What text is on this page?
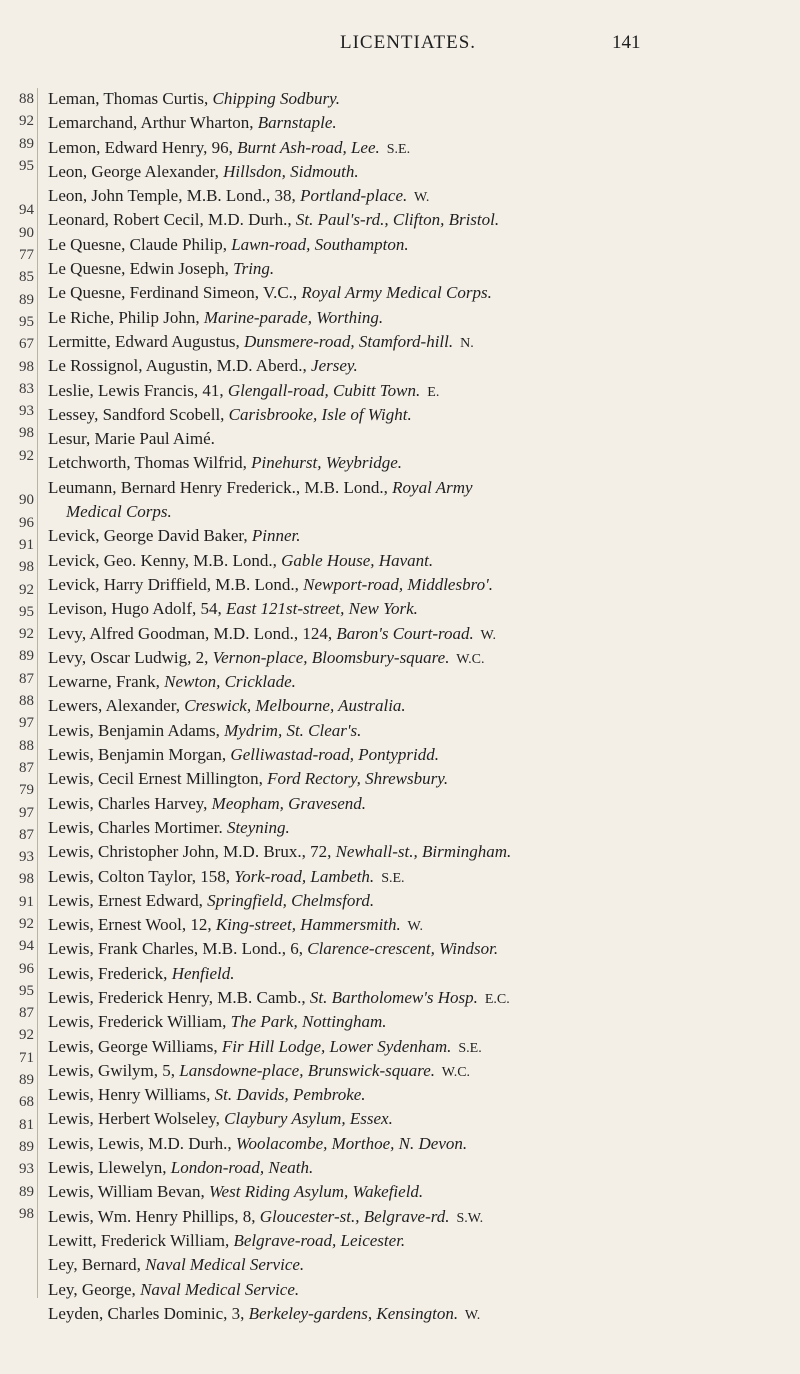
LICENTIATES.	141
88
92
89
95
94
90
77
85
89
95
67
98
83
93
98
92
90
96
91
98
92
95
92
89
87
88
97
88
87
79
97
87
93
98
91
92
94
96
95
87
92
71
89
68
81
89
93
89
98
Leman, Thomas Curtis, Chipping Sodbury.
Lemarchand, Arthur Wharton, Barnstaple.
Lemon, Edward Henry, 96, Burnt Ash-road, Lee.  S.E.
Leon, George Alexander, Hillsdon, Sidmouth.
Leon, John Temple, M.B. Lond., 38, Portland-place.  W.
Leonard, Robert Cecil, M.D. Durh., St. Paul's-rd., Clifton, Bristol.
Le Quesne, Claude Philip, Lawn-road, Southampton.
Le Quesne, Edwin Joseph, Tring.
Le Quesne, Ferdinand Simeon, V.C., Royal Army Medical Corps.
Le Riche, Philip John, Marine-parade, Worthing.
Lermitte, Edward Augustus, Dunsmere-road, Stamford-hill.  N.
Le Rossignol, Augustin, M.D. Aberd., Jersey.
Leslie, Lewis Francis, 41, Glengall-road, Cubitt Town.  E.
Lessey, Sandford Scobell, Carisbrooke, Isle of Wight.
Lesur, Marie Paul Aimé.
Letchworth, Thomas Wilfrid, Pinehurst, Weybridge.
Leumann, Bernard Henry Frederick., M.B. Lond., Royal Army
Medical Corps.
Levick, George David Baker, Pinner.
Levick, Geo. Kenny, M.B. Lond., Gable House, Havant.
Levick, Harry Driffield, M.B. Lond., Newport-road, Middlesbro'.
Levison, Hugo Adolf, 54, East 121st-street, New York.
Levy, Alfred Goodman, M.D. Lond., 124, Baron's Court-road.  W.
Levy, Oscar Ludwig, 2, Vernon-place, Bloomsbury-square.  W.C.
Lewarne, Frank, Newton, Cricklade.
Lewers, Alexander, Creswick, Melbourne, Australia.
Lewis, Benjamin Adams, Mydrim, St. Clear's.
Lewis, Benjamin Morgan, Gelliwastad-road, Pontypridd.
Lewis, Cecil Ernest Millington, Ford Rectory, Shrewsbury.
Lewis, Charles Harvey, Meopham, Gravesend.
Lewis, Charles Mortimer. Steyning.
Lewis, Christopher John, M.D. Brux., 72, Newhall-st., Birmingham.
Lewis, Colton Taylor, 158, York-road, Lambeth.  S.E.
Lewis, Ernest Edward, Springfield, Chelmsford.
Lewis, Ernest Wool, 12, King-street, Hammersmith.  W.
Lewis, Frank Charles, M.B. Lond., 6, Clarence-crescent, Windsor.
Lewis, Frederick, Henfield.
Lewis, Frederick Henry, M.B. Camb., St. Bartholomew's Hosp.  E.C.
Lewis, Frederick William, The Park, Nottingham.
Lewis, George Williams, Fir Hill Lodge, Lower Sydenham.  S.E.
Lewis, Gwilym, 5, Lansdowne-place, Brunswick-square.  W.C.
Lewis, Henry Williams, St. Davids, Pembroke.
Lewis, Herbert Wolseley, Claybury Asylum, Essex.
Lewis, Lewis, M.D. Durh., Woolacombe, Morthoe, N. Devon.
Lewis, Llewelyn, London-road, Neath.
Lewis, William Bevan, West Riding Asylum, Wakefield.
Lewis, Wm. Henry Phillips, 8, Gloucester-st., Belgrave-rd.  S.W.
Lewitt, Frederick William, Belgrave-road, Leicester.
Ley, Bernard, Naval Medical Service.
Ley, George, Naval Medical Service.
Leyden, Charles Dominic, 3, Berkeley-gardens, Kensington.  W.
